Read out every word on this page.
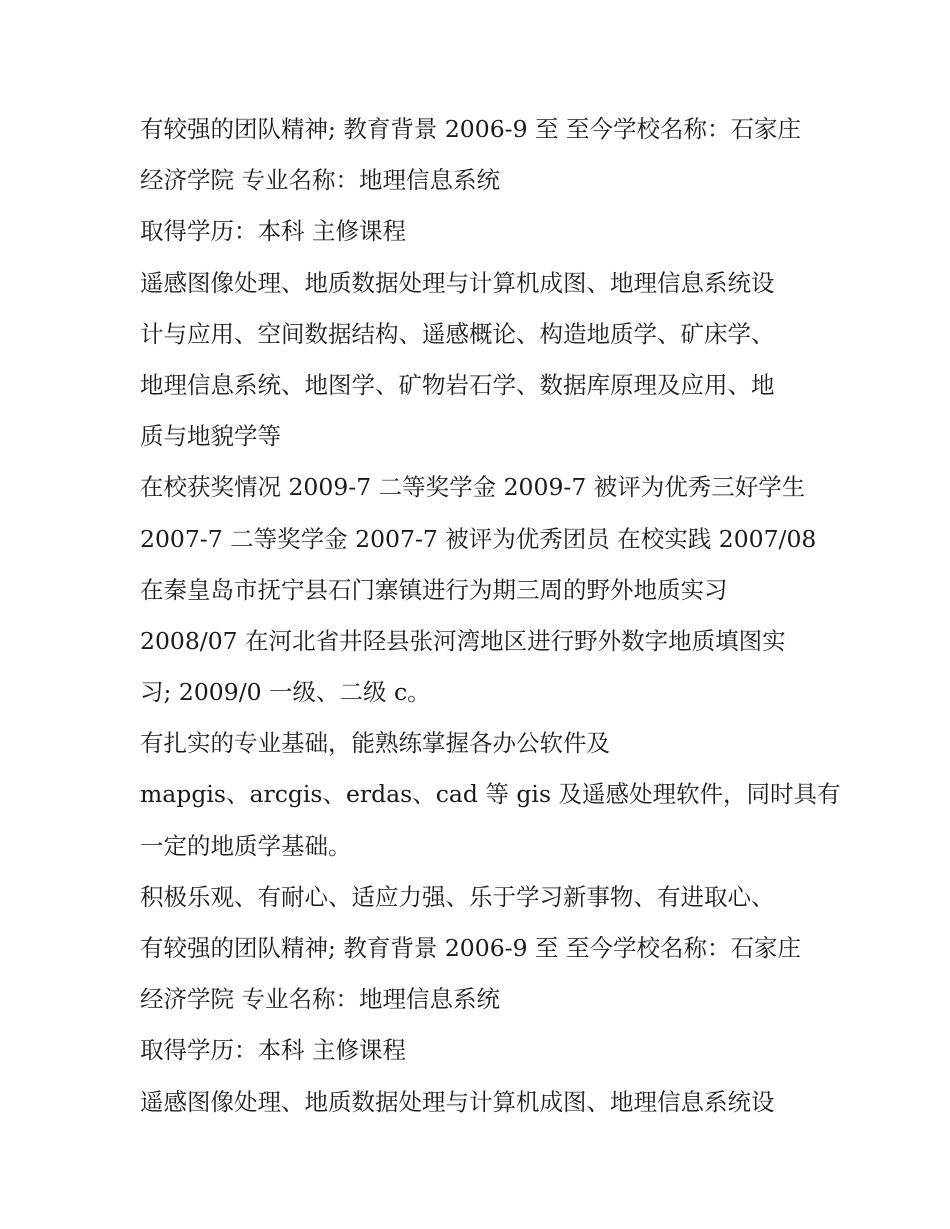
有较强的团队精神; 教育背景 2006-9 至 至今学校名称：石家庄

经济学院 专业名称：地理信息系统

取得学历：本科 主修课程

遥感图像处理、地质数据处理与计算机成图、地理信息系统设

计与应用、空间数据结构、遥感概论、构造地质学、矿床学、

地理信息系统、地图学、矿物岩石学、数据库原理及应用、地

质与地貌学等

在校获奖情况 2009-7 二等奖学金 2009-7 被评为优秀三好学生

2007-7 二等奖学金 2007-7 被评为优秀团员 在校实践 2007/08

在秦皇岛市抚宁县石门寨镇进行为期三周的野外地质实习

2008/07 在河北省井陉县张河湾地区进行野外数字地质填图实

习; 2009/0 一级、二级 c。

有扎实的专业基础，能熟练掌握各办公软件及

mapgis、arcgis、erdas、cad 等 gis 及遥感处理软件，同时具有

一定的地质学基础。

积极乐观、有耐心、适应力强、乐于学习新事物、有进取心、

有较强的团队精神; 教育背景 2006-9 至 至今学校名称：石家庄

经济学院 专业名称：地理信息系统

取得学历：本科 主修课程

遥感图像处理、地质数据处理与计算机成图、地理信息系统设
